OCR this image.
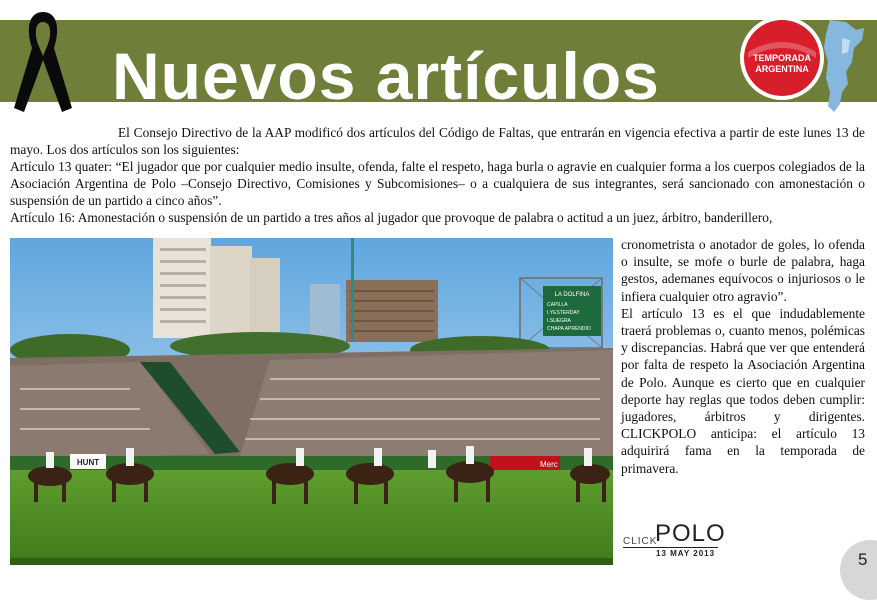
Nuevos artículos	TEMPORADA ARGENTINA

El Consejo Directivo de la AAP modificó dos artículos del Código de Faltas, que entrarán en vigencia efectiva a partir de este lunes 13 de mayo. Los dos artículos son los siguientes:

Artículo 13 quater: “El jugador que por cualquier medio insulte, ofenda, falte el respeto, haga burla o agravie en cualquier forma a los cuerpos colegiados de la Asociación Argentina de Polo –Consejo Directivo, Comisiones y Subcomisiones– o a cualquiera de sus integrantes, será sancionado con amonestación o suspensión de un partido a cinco años”.

Artículo 16: Amonestación o suspensión de un partido a tres años al jugador que provoque de palabra o actitud a un juez, árbitro, banderillero,

LA DOLFINA
CAPILLA
I.YESTERDAY
I.SUEGRA
CHAPA APRENDIO
HUNT	Merc

cronometrista o anotador de goles, lo ofenda o insulte, se mofe o burle de palabra, haga gestos, ademanes equívocos o injuriosos o le infiera cualquier otro agravio”.

El artículo 13 es el que indudablemente traerá problemas o, cuanto menos, polémicas y discrepancias. Habrá que ver que entenderá por falta de respeto la Asociación Argentina de Polo. Aunque es cierto que en cualquier deporte hay reglas que todos deben cumplir: jugadores, árbitros y dirigentes. CLICKPOLO anticipa: el artículo 13 adquirirá fama en la temporada de primavera.

CLICK
POLO
13 MAY 2013	5
